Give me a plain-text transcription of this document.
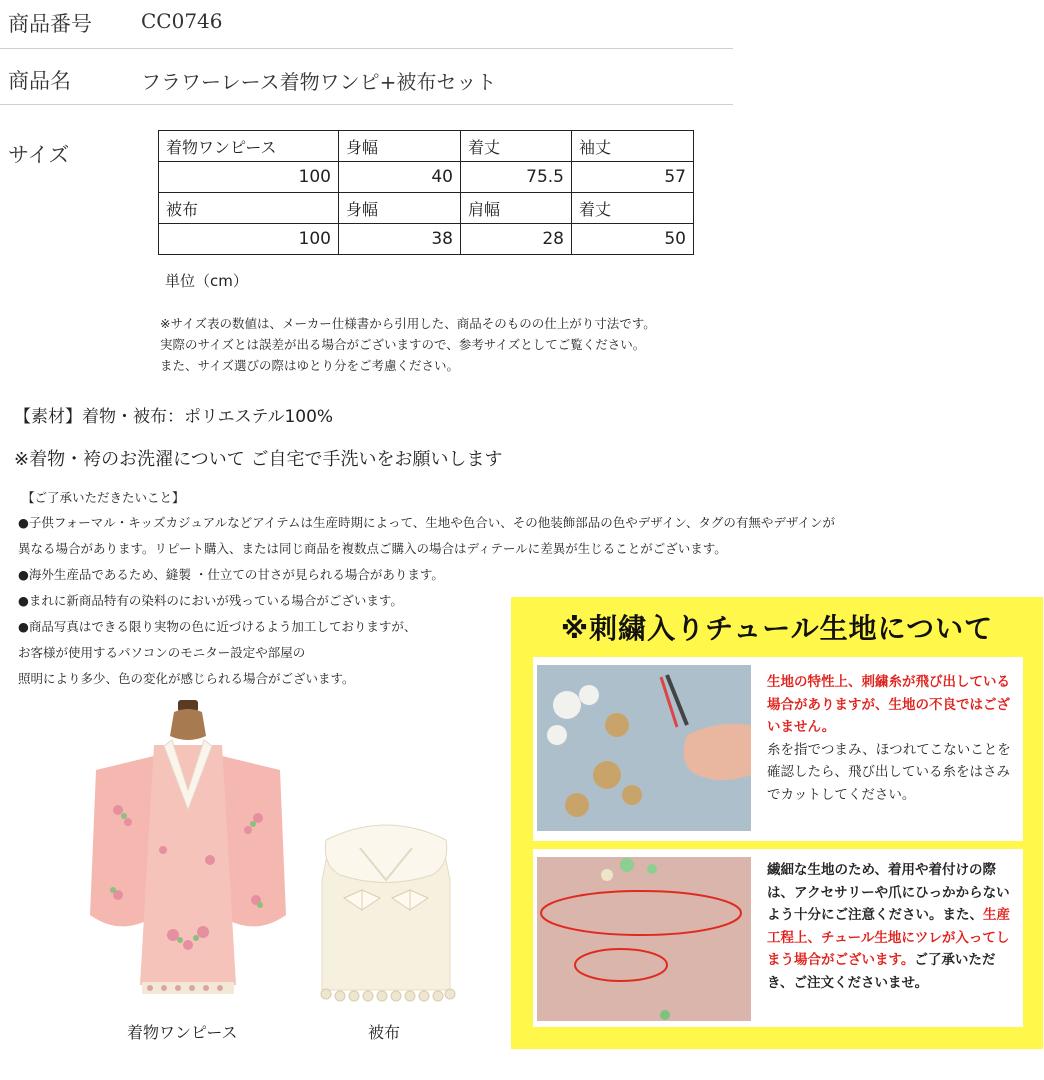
商品番号 CC0746
商品名	フラワーレース着物ワンピ+被布セット
サイズ	着物ワンピース	身幅	着丈	袖丈
100	40	75.5	57
被布	身幅	肩幅	着丈
100	38	28	50
単位（cm）
※サイズ表の数値は、メーカー仕様書から引用した、商品そのものの仕上がり寸法です。
実際のサイズとは誤差が出る場合がございますので、参考サイズとしてご覧ください。
また、サイズ選びの際はゆとり分をご考慮ください。
【素材】着物・被布：ポリエステル100%
※着物・袴のお洗濯について ご自宅で手洗いをお願いします
【ご了承いただきたいこと】
●子供フォーマル・キッズカジュアルなどアイテムは生産時期によって、生地や色合い、その他装飾部品の色やデザイン、タグの有無やデザインが
異なる場合があります。リピート購入、または同じ商品を複数点ご購入の場合はディテールに差異が生じることがございます。
●海外生産品であるため、縫製 ・仕立ての甘さが見られる場合があります。
●まれに新商品特有の染料のにおいが残っている場合がございます。
●商品写真はできる限り実物の色に近づけるよう加工しておりますが、
お客様が使用するパソコンのモニター設定や部屋の
照明により多少、色の変化が感じられる場合がございます。
着物ワンピース	被布
※刺繍入りチュール生地について
生地の特性上、刺繍糸が飛び出している場合がありますが、生地の不良ではございません。
糸を指でつまみ、ほつれてこないことを確認したら、飛び出している糸をはさみでカットしてください。
繊細な生地のため、着用や着付けの際は、アクセサリーや爪にひっかからないよう十分にご注意ください。また、生産工程上、チュール生地にツレが入ってしまう場合がございます。ご了承いただき、ご注文くださいませ。
